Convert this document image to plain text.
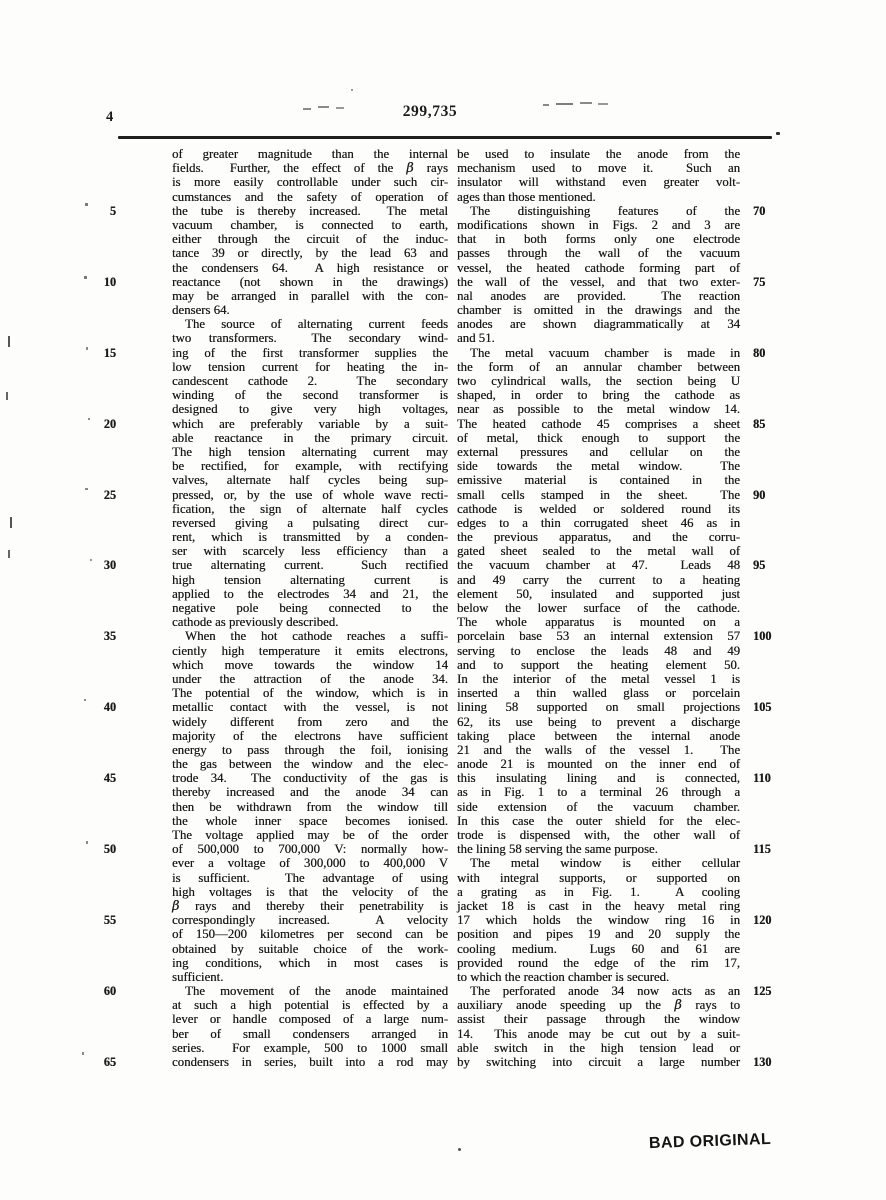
4	299,735
5
10
15
20
25
30
35
40
45
50
55
60
65
of greater magnitude than the internal
fields.  Further, the effect of the β rays
is more easily controllable under such cir-
cumstances and the safety of operation of
the tube is thereby increased.  The metal
vacuum chamber, is connected to earth,
either through the circuit of the induc-
tance 39 or directly, by the lead 63 and
the condensers 64.  A high resistance or
reactance (not shown in the drawings)
may be arranged in parallel with the con-
densers 64.
The source of alternating current feeds
two transformers.  The secondary wind-
ing of the first transformer supplies the
low tension current for heating the in-
candescent cathode 2.  The secondary
winding of the second transformer is
designed to give very high voltages,
which are preferably variable by a suit-
able reactance in the primary circuit.
The high tension alternating current may
be rectified, for example, with rectifying
valves, alternate half cycles being sup-
pressed, or, by the use of whole wave recti-
fication, the sign of alternate half cycles
reversed giving a pulsating direct cur-
rent, which is transmitted by a conden-
ser with scarcely less efficiency than a
true alternating current.  Such rectified
high tension alternating current is
applied to the electrodes 34 and 21, the
negative pole being connected to the
cathode as previously described.
When the hot cathode reaches a suffi-
ciently high temperature it emits electrons,
which move towards the window 14
under the attraction of the anode 34.
The potential of the window, which is in
metallic contact with the vessel, is not
widely different from zero and the
majority of the electrons have sufficient
energy to pass through the foil, ionising
the gas between the window and the elec-
trode 34.  The conductivity of the gas is
thereby increased and the anode 34 can
then be withdrawn from the window till
the whole inner space becomes ionised.
The voltage applied may be of the order
of 500,000 to 700,000 V: normally how-
ever a voltage of 300,000 to 400,000 V
is sufficient.  The advantage of using
high voltages is that the velocity of the
β rays and thereby their penetrability is
correspondingly increased.  A velocity
of 150—200 kilometres per second can be
obtained by suitable choice of the work-
ing conditions, which in most cases is
sufficient.
The movement of the anode maintained
at such a high potential is effected by a
lever or handle composed of a large num-
ber of small condensers arranged in
series.  For example, 500 to 1000 small
condensers in series, built into a rod may
be used to insulate the anode from the
mechanism used to move it.  Such an
insulator will withstand even greater volt-
ages than those mentioned.
The distinguishing features of the
modifications shown in Figs. 2 and 3 are
that in both forms only one electrode
passes through the wall of the vacuum
vessel, the heated cathode forming part of
the wall of the vessel, and that two exter-
nal anodes are provided.  The reaction
chamber is omitted in the drawings and the
anodes are shown diagrammatically at 34
and 51.
The metal vacuum chamber is made in
the form of an annular chamber between
two cylindrical walls, the section being U
shaped, in order to bring the cathode as
near as possible to the metal window 14.
The heated cathode 45 comprises a sheet
of metal, thick enough to support the
external pressures and cellular on the
side towards the metal window.  The
emissive material is contained in the
small cells stamped in the sheet.  The
cathode is welded or soldered round its
edges to a thin corrugated sheet 46 as in
the previous apparatus, and the corru-
gated sheet sealed to the metal wall of
the vacuum chamber at 47.  Leads 48
and 49 carry the current to a heating
element 50, insulated and supported just
below the lower surface of the cathode.
The whole apparatus is mounted on a
porcelain base 53 an internal extension 57
serving to enclose the leads 48 and 49
and to support the heating element 50.
In the interior of the metal vessel 1 is
inserted a thin walled glass or porcelain
lining 58 supported on small projections
62, its use being to prevent a discharge
taking place between the internal anode
21 and the walls of the vessel 1.  The
anode 21 is mounted on the inner end of
this insulating lining and is connected,
as in Fig. 1 to a terminal 26 through a
side extension of the vacuum chamber.
In this case the outer shield for the elec-
trode is dispensed with, the other wall of
the lining 58 serving the same purpose.
The metal window is either cellular
with integral supports, or supported on
a grating as in Fig. 1.  A cooling
jacket 18 is cast in the heavy metal ring
17 which holds the window ring 16 in
position and pipes 19 and 20 supply the
cooling medium.  Lugs 60 and 61 are
provided round the edge of the rim 17,
to which the reaction chamber is secured.
The perforated anode 34 now acts as an
auxiliary anode speeding up the β rays to
assist their passage through the window
14.  This anode may be cut out by a suit-
able switch in the high tension lead or
by switching into circuit a large number
70
75
80
85
90
95
100
105
110
115
120
125
130
BAD ORIGINAL
